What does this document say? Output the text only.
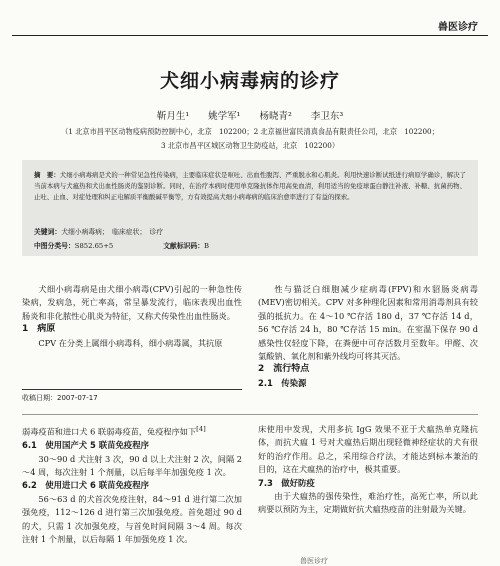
兽医诊疗
犬细小病毒病的诊疗
靳月生¹ 姚学军¹ 杨晓青² 李卫东³
（1 北京市昌平区动物疫病预防控制中心，北京　102200；2 北京福世富民清真食品有限责任公司，北京　102200；
3 北京市昌平区城区动物卫生防疫站，北京　102200）
摘　要：犬细小病毒病是犬的一种常见急性传染病，主要临床症状是呕吐、出血性腹泻、严重脱水和心肌炎。利用快速诊断试纸进行病原学确诊，解决了当前本病与犬瘟热和犬出血性肠炎的鉴别诊断。同时，在治疗本病时使用单克隆抗体作用高免血清，利用适当的免疫球蛋白静注补液、补糖、抗菌药物、止吐、止血、对症处理和纠正电解质平衡酸碱平衡等，方有效提高犬细小病毒病的临床治愈率进行了有益的探索。
关键词：犬细小病毒病；　临床症状；　诊疗
中图分类号：S852.65+5	文献标识码：B

犬细小病毒病是由犬细小病毒(CPV)引起的一种急性传染病，发病急，死亡率高，常呈暴发流行，临床表现出血性肠炎和非化脓性心肌炎为特征，又称犬传染性出血性肠炎。

1　病原

CPV 在分类上属细小病毒科，细小病毒属，其抗原

收稿日期：2007-07-17

性与猫泛白细胞减少症病毒(FPV)和水貂肠炎病毒(MEV)密切相关。CPV 对多种理化因素和常用消毒剂具有较强的抵抗力。在 4～10 ℃存活 180 d，37 ℃存活 14 d，56 ℃存活 24 h，80 ℃存活 15 min。在室温下保存 90 d 感染性仅轻度下降，在粪便中可存活数月至数年。甲醛、次氯酸钠、氧化剂和紫外线均可将其灭活。

2　流行特点
2.1　传染源
弱毒疫苗和进口犬 6 联弱毒疫苗，免疫程序如下[4]
6.1　使用国产犬 5 联苗免疫程序

30～90 d 犬注射 3 次，90 d 以上犬注射 2 次，间隔 2～4 周，每次注射 1 个剂量，以后每半年加强免疫 1 次。

6.2　使用进口犬 6 联苗免疫程序

56～63 d 的犬首次免疫注射，84～91 d 进行第二次加强免疫，112～126 d 进行第三次加强免疫。首免超过 90 d 的犬，只需 1 次加强免疫，与首免时间间隔 3～4 周。每次注射 1 个剂量，以后每隔 1 年加强免疫 1 次。

床使用中发现，犬用多抗 IgG 效果不亚于犬瘟热单克隆抗体，而抗犬瘟 1 号对犬瘟热后期出现轻微神经症状的犬有很好的治疗作用。总之，采用综合疗法，才能达到标本兼治的目的，这在犬瘟热的治疗中，极其重要。
7.3　做好防疫

由于犬瘟热的强传染性，难治疗性，高死亡率，所以此病要以预防为主，定期做好抗犬瘟热疫苗的注射最为关键。

兽医诊疗
